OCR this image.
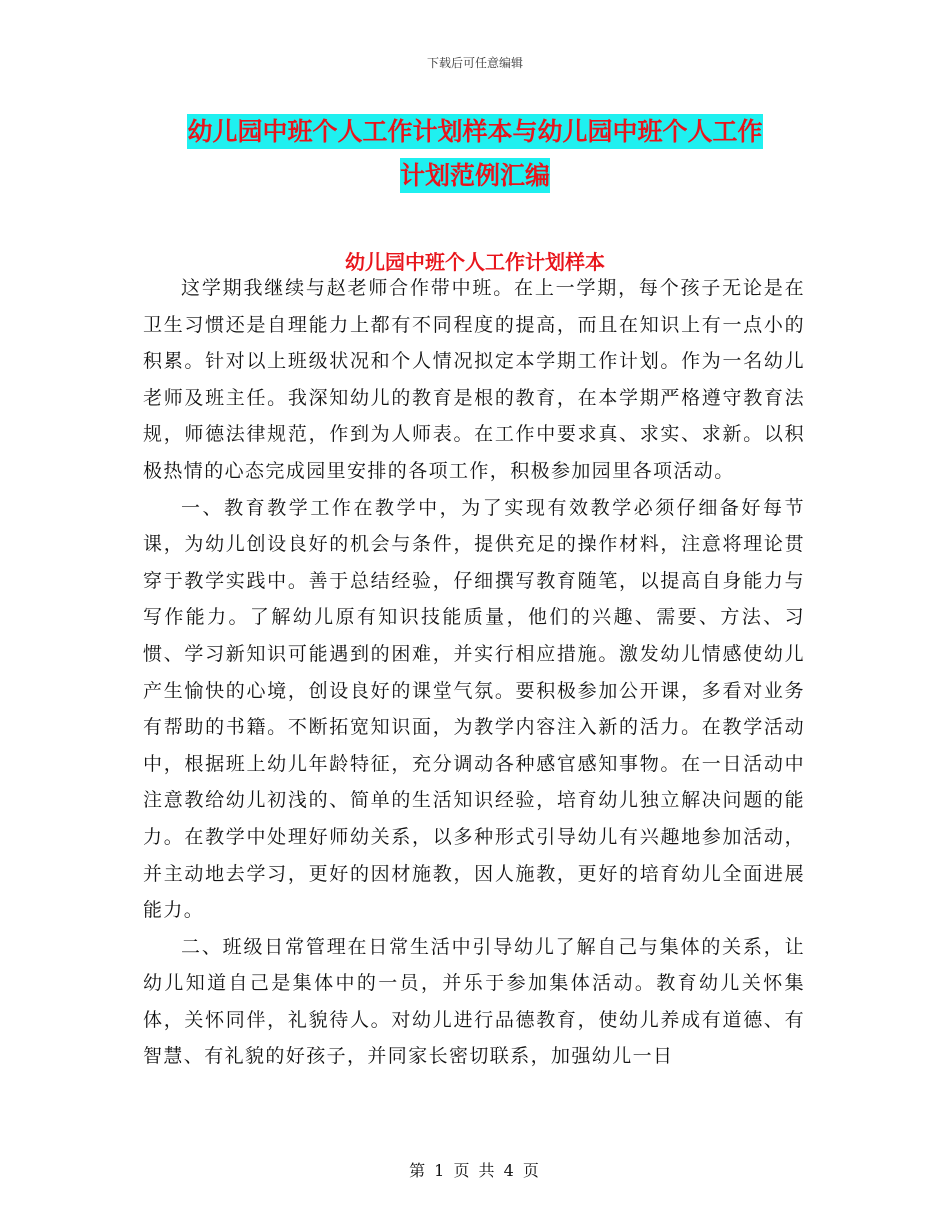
下载后可任意编辑
幼儿园中班个人工作计划样本与幼儿园中班个人工作
计划范例汇编
幼儿园中班个人工作计划样本

这学期我继续与赵老师合作带中班。在上一学期，每个孩子无论是在卫生习惯还是自理能力上都有不同程度的提高，而且在知识上有一点小的积累。针对以上班级状况和个人情况拟定本学期工作计划。作为一名幼儿老师及班主任。我深知幼儿的教育是根的教育，在本学期严格遵守教育法规，师德法律规范，作到为人师表。在工作中要求真、求实、求新。以积极热情的心态完成园里安排的各项工作，积极参加园里各项活动。

一、教育教学工作在教学中，为了实现有效教学必须仔细备好每节课，为幼儿创设良好的机会与条件，提供充足的操作材料，注意将理论贯穿于教学实践中。善于总结经验，仔细撰写教育随笔，以提高自身能力与写作能力。了解幼儿原有知识技能质量，他们的兴趣、需要、方法、习惯、学习新知识可能遇到的困难，并实行相应措施。激发幼儿情感使幼儿产生愉快的心境，创设良好的课堂气氛。要积极参加公开课，多看对业务有帮助的书籍。不断拓宽知识面，为教学内容注入新的活力。在教学活动中，根据班上幼儿年龄特征，充分调动各种感官感知事物。在一日活动中注意教给幼儿初浅的、简单的生活知识经验，培育幼儿独立解决问题的能力。在教学中处理好师幼关系，以多种形式引导幼儿有兴趣地参加活动，并主动地去学习，更好的因材施教，因人施教，更好的培育幼儿全面进展能力。

二、班级日常管理在日常生活中引导幼儿了解自己与集体的关系，让幼儿知道自己是集体中的一员，并乐于参加集体活动。教育幼儿关怀集体，关怀同伴，礼貌待人。对幼儿进行品德教育，使幼儿养成有道德、有智慧、有礼貌的好孩子，并同家长密切联系，加强幼儿一日

第 1 页 共 4 页
